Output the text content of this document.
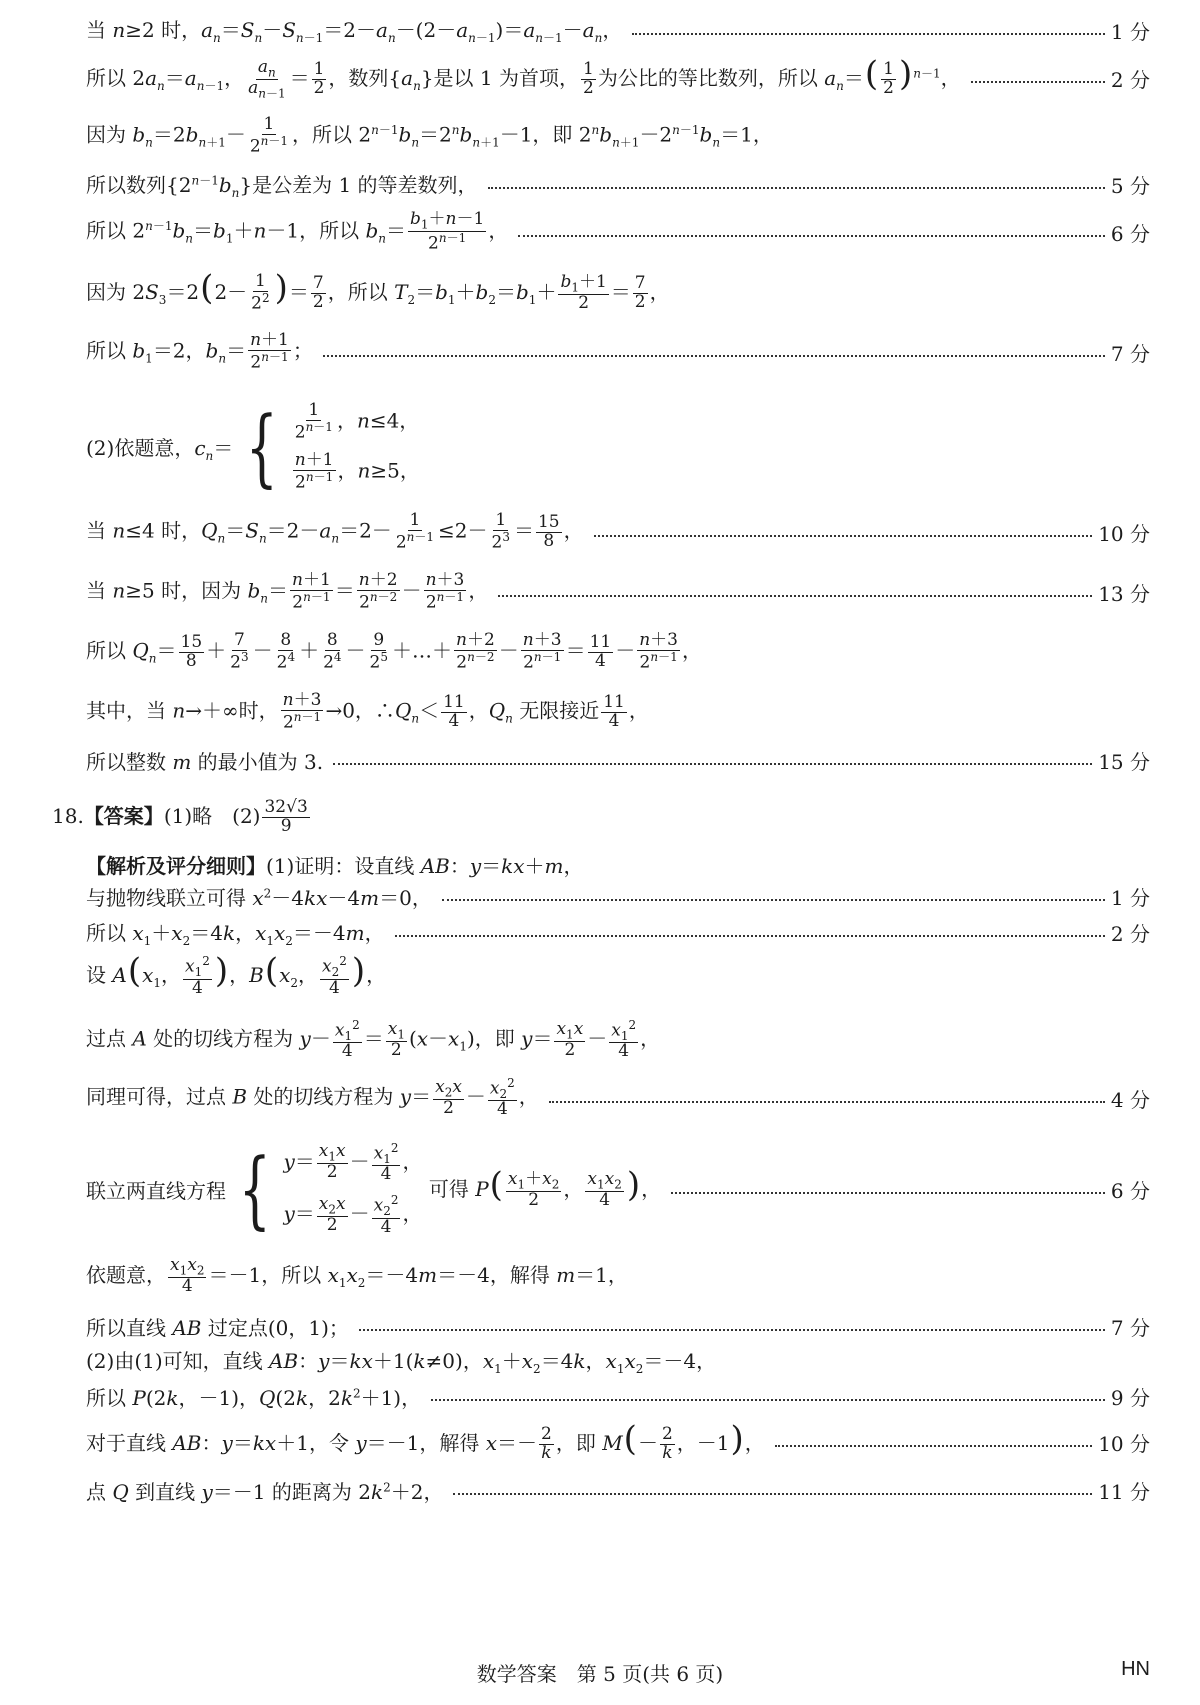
当 n≥2 时，$a_n=S_n-S_{n-1}=2-a_n-(2-a_{n-1})=a_{n-1}-a_n$，	1 分
所以 $2a_n=a_{n-1}$， $\frac{a_n}{a_{n-1}} = \frac{1}{2}$ ，数列$\{a_n\}$是以 1 为首项， $\frac{1}{2}$ 为公比的等比数列，所以 $a_n=( \frac{1}{2} )^{n-1}$，	2 分
因为 $b_n=2b_{n+1}- \frac{1}{2^{n-1}}$ ，所以 $2^{n-1}b_n=2^nb_{n+1}-1$，即 $2^nb_{n+1}-2^{n-1}b_n=1$，
所以数列$\{2^{n-1}b_n\}$是公差为 1 的等差数列，	5 分
所以 $2^{n-1}b_n=b_1+n-1$，所以 $b_n= \frac{b_1+n-1}{2^{n-1}}$ ，	6 分
因为 $2S_3=2(2- \frac{1}{2^2}$ )＝ $\frac{7}{2}$ ，所以 $T_2=b_1+b_2=b_1+ \frac{b_1+1}{2} = \frac{7}{2}$ ，
所以 $b_1=2$，$b_n= \frac{n+1}{2^{n-1}}$ ；	7 分
(2)依题意，$c_n=$ { $\frac{1}{2^{n-1}}$ ，n≤4，
$\frac{n+1}{2^{n-1}}$ ，n≥5，
当 n≤4 时，$Q_n=S_n=2-a_n=2- \frac{1}{2^{n-1}} \le 2- \frac{1}{2^3} = \frac{15}{8}$ ，	10 分
当 n≥5 时，因为 $b_n= \frac{n+1}{2^{n-1}} = \frac{n+2}{2^{n-2}} - \frac{n+3}{2^{n-1}}$ ，	13 分
所以 $Q_n= \frac{15}{8} + \frac{7}{2^3} - \frac{8}{2^4} + \frac{8}{2^4} - \frac{9}{2^5}$ ＋…＋ $\frac{n+2}{2^{n-2}} - \frac{n+3}{2^{n-1}} = \frac{11}{4} - \frac{n+3}{2^{n-1}}$ ，
其中，当 n→＋∞时， $\frac{n+3}{2^{n-1}} \to 0$，$\therefore Q_n< \frac{11}{4}$ ，$Q_n$ 无限接近 $\frac{11}{4}$ ，
所以整数 m 的最小值为 3.	15 分
18.【答案】(1)略　$(2) \frac{32√3}{9}$
【解析及评分细则】(1)证明：设直线 AB：y＝kx＋m，
与抛物线联立可得 $x^2-4kx-4m=0$，	1 分
所以 $x_1+x_2=4k$，$x_1x_2=-4m$，	2 分
设 $A(x_1$， $\frac{x_1^2}{4}$ )，$B(x_2$， $\frac{x_2^2}{4}$ )，
过点 A 处的切线方程为 $y- \frac{x_1^2}{4} = \frac{x_1}{2} (x-x_1)$，即 $y= \frac{x_1x}{2} - \frac{x_1^2}{4}$ ，
同理可得，过点 B 处的切线方程为 $y= \frac{x_2x}{2} - \frac{x_2^2}{4}$ ，	4 分
联立两直线方程 { $y= \frac{x_1x}{2} - \frac{x_1^2}{4}$ ，
$y= \frac{x_2x}{2} - \frac{x_2^2}{4}$ ，
可得 $P( \frac{x_1+x_2}{2}$ ， $\frac{x_1x_2}{4}$ )，	6 分
依题意， $\frac{x_1x_2}{4} =-1$，所以 $x_1x_2=-4m=-4$，解得 m＝1，
所以直线 AB 过定点(0，1)；	7 分
(2)由(1)可知，直线 AB：y＝kx＋1(k≠0)，$x_1+x_2=4k$，$x_1x_2=-4$，
所以 P(2k，－1)，Q(2k，$2k^2+1$)，	9 分
对于直线 AB：y＝kx＋1，令 y＝－1，解得 $x=- \frac{2}{k}$ ，即 $M(- \frac{2}{k}$ ，－1)，	10 分
点 Q 到直线 y＝－1 的距离为 $2k^2+2$，	11 分
数学答案　第 5 页(共 6 页)	HN
